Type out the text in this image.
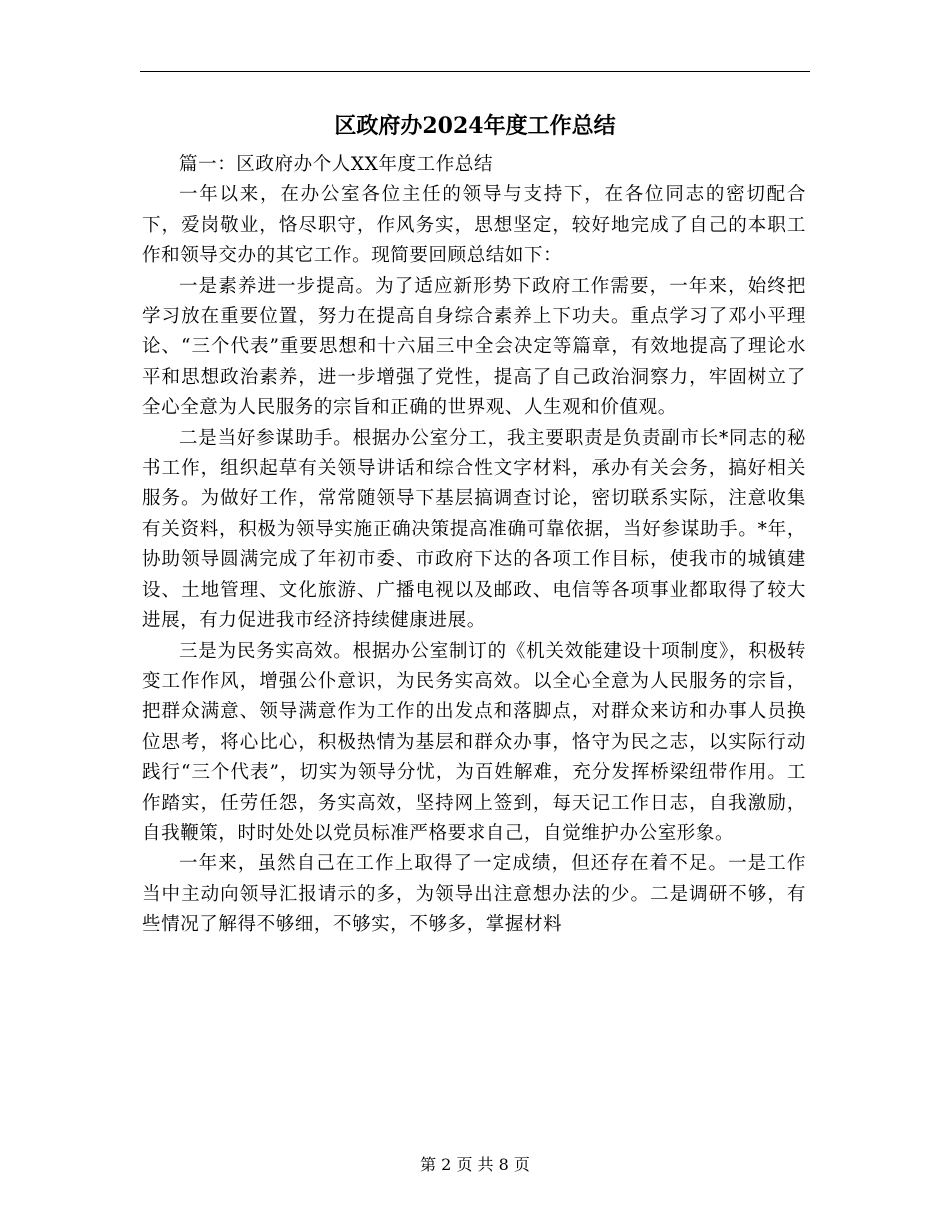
区政府办2024年度工作总结

篇一：区政府办个人XX年度工作总结

一年以来，在办公室各位主任的领导与支持下，在各位同志的密切配合下，爱岗敬业，恪尽职守，作风务实，思想坚定，较好地完成了自己的本职工作和领导交办的其它工作。现简要回顾总结如下：

一是素养进一步提高。为了适应新形势下政府工作需要，一年来，始终把学习放在重要位置，努力在提高自身综合素养上下功夫。重点学习了邓小平理论、“三个代表”重要思想和十六届三中全会决定等篇章，有效地提高了理论水平和思想政治素养，进一步增强了党性，提高了自己政治洞察力，牢固树立了全心全意为人民服务的宗旨和正确的世界观、人生观和价值观。

二是当好参谋助手。根据办公室分工，我主要职责是负责副市长*同志的秘书工作，组织起草有关领导讲话和综合性文字材料，承办有关会务，搞好相关服务。为做好工作，常常随领导下基层搞调查讨论，密切联系实际，注意收集有关资料，积极为领导实施正确决策提高准确可靠依据，当好参谋助手。*年，协助领导圆满完成了年初市委、市政府下达的各项工作目标，使我市的城镇建设、土地管理、文化旅游、广播电视以及邮政、电信等各项事业都取得了较大进展，有力促进我市经济持续健康进展。

三是为民务实高效。根据办公室制订的《机关效能建设十项制度》，积极转变工作作风，增强公仆意识，为民务实高效。以全心全意为人民服务的宗旨，把群众满意、领导满意作为工作的出发点和落脚点，对群众来访和办事人员换位思考，将心比心，积极热情为基层和群众办事，恪守为民之志，以实际行动践行“三个代表”，切实为领导分忧，为百姓解难，充分发挥桥梁纽带作用。工作踏实，任劳任怨，务实高效，坚持网上签到，每天记工作日志，自我激励，自我鞭策，时时处处以党员标准严格要求自己，自觉维护办公室形象。

一年来，虽然自己在工作上取得了一定成绩，但还存在着不足。一是工作当中主动向领导汇报请示的多，为领导出注意想办法的少。二是调研不够，有些情况了解得不够细，不够实，不够多，掌握材料

第 2 页 共 8 页
